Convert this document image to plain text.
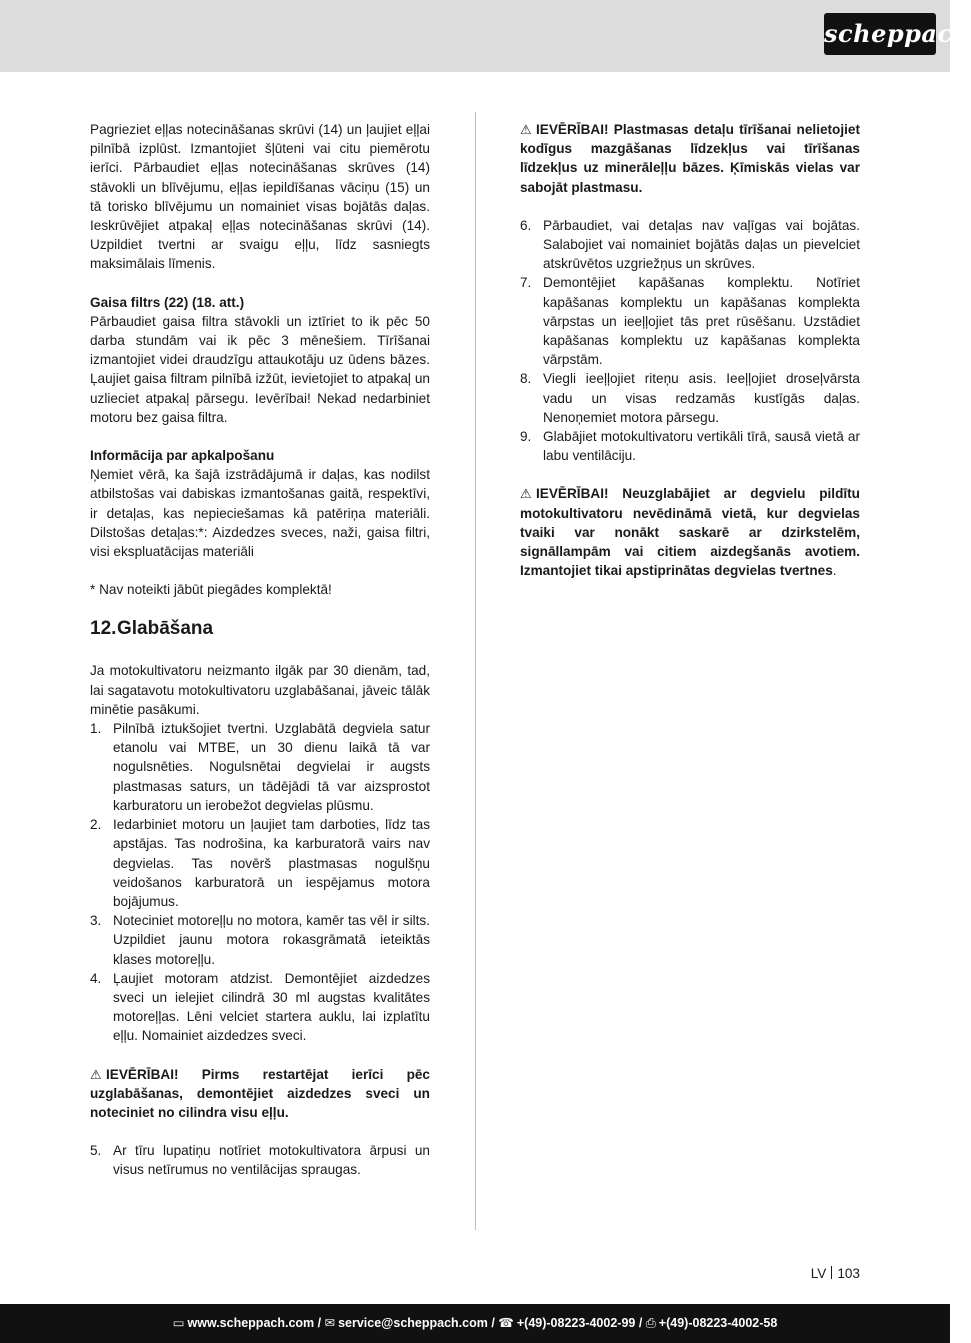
scheppach

Pagrieziet eļļas notecināšanas skrūvi (14) un ļaujiet eļļai pilnībā izplūst. Izmantojiet šļūteni vai citu piemērotu ierīci. Pārbaudiet eļļas notecināšanas skrūves (14) stāvokli un blīvējumu, eļļas iepildīšanas vāciņu (15) un tā torisko blīvējumu un nomainiet visas bojātās daļas. Ieskrūvējiet atpakaļ eļļas notecināšanas skrūvi (14). Uzpildiet tvertni ar svaigu eļļu, līdz sasniegts maksimālais līmenis.

Gaisa filtrs (22) (18. att.)

Pārbaudiet gaisa filtra stāvokli un iztīriet to ik pēc 50 darba stundām vai ik pēc 3 mēnešiem. Tīrīšanai izmantojiet videi draudzīgu attaukotāju uz ūdens bāzes. Ļaujiet gaisa filtram pilnībā izžūt, ievietojiet to atpakaļ un uzlieciet atpakaļ pārsegu. Ievērībai! Nekad nedarbiniet motoru bez gaisa filtra.

Informācija par apkalpošanu

Ņemiet vērā, ka šajā izstrādājumā ir daļas, kas nodilst atbilstošas vai dabiskas izmantošanas gaitā, respektīvi, ir detaļas, kas nepieciešamas kā patēriņa materiāli. Dilstošas detaļas:*: Aizdedzes sveces, naži, gaisa filtri, visi ekspluatācijas materiāli

* Nav noteikti jābūt piegādes komplektā!

12.Glabāšana

Ja motokultivatoru neizmanto ilgāk par 30 dienām, tad, lai sagatavotu motokultivatoru uzglabāšanai, jāveic tālāk minētie pasākumi.

1. Pilnībā iztukšojiet tvertni. Uzglabātā degviela satur etanolu vai MTBE, un 30 dienu laikā tā var nogulsnēties. Nogulsnētai degvielai ir augsts plastmasas saturs, un tādējādi tā var aizsprostot karburatoru un ierobežot degvielas plūsmu.
2. Iedarbiniet motoru un ļaujiet tam darboties, līdz tas apstājas. Tas nodrošina, ka karburatorā vairs nav degvielas. Tas novērš plastmasas nogulšņu veidošanos karburatorā un iespējamus motora bojājumus.
3. Noteciniet motoreļļu no motora, kamēr tas vēl ir silts. Uzpildiet jaunu motora rokasgrāmatā ieteiktās klases motoreļļu.
4. Ļaujiet motoram atdzist. Demontējiet aizdedzes sveci un ielejiet cilindrā 30 ml augstas kvalitātes motoreļļas. Lēni velciet startera auklu, lai izplatītu eļļu. Nomainiet aizdedzes sveci.

⚠ IEVĒRĪBAI! Pirms restartējat ierīci pēc uzglabāšanas, demontējiet aizdedzes sveci un noteciniet no cilindra visu eļļu.

5. Ar tīru lupatiņu notīriet motokultivatora ārpusi un visus netīrumus no ventilācijas spraugas.

⚠ IEVĒRĪBAI! Plastmasas detaļu tīrīšanai nelietojiet kodīgus mazgāšanas līdzekļus vai tīrīšanas līdzekļus uz minerāleļļu bāzes. Ķīmiskās vielas var sabojāt plastmasu.

6. Pārbaudiet, vai detaļas nav vaļīgas vai bojātas. Salabojiet vai nomainiet bojātās daļas un pievelciet atskrūvētos uzgriežņus un skrūves.
7. Demontējiet kapāšanas komplektu. Notīriet kapāšanas komplektu un kapāšanas komplekta vārpstas un ieeļļojiet tās pret rūsēšanu. Uzstādiet kapāšanas komplektu uz kapāšanas komplekta vārpstām.
8. Viegli ieeļļojiet riteņu asis. Ieeļļojiet droseļvārsta vadu un visas redzamās kustīgās daļas. Nenoņemiet motora pārsegu.
9. Glabājiet motokultivatoru vertikāli tīrā, sausā vietā ar labu ventilāciju.

⚠ IEVĒRĪBAI! Neuzglabājiet ar degvielu pildītu motokultivatoru nevēdināmā vietā, kur degvielas tvaiki var nonākt saskarē ar dzirkstelēm, signāllampām vai citiem aizdegšanās avotiem. Izmantojiet tikai apstiprinātas degvielas tvertnes.

LV 103
▭ www.scheppach.com / ✉ service@scheppach.com / ☎ +(49)-08223-4002-99 / ⎙ +(49)-08223-4002-58
